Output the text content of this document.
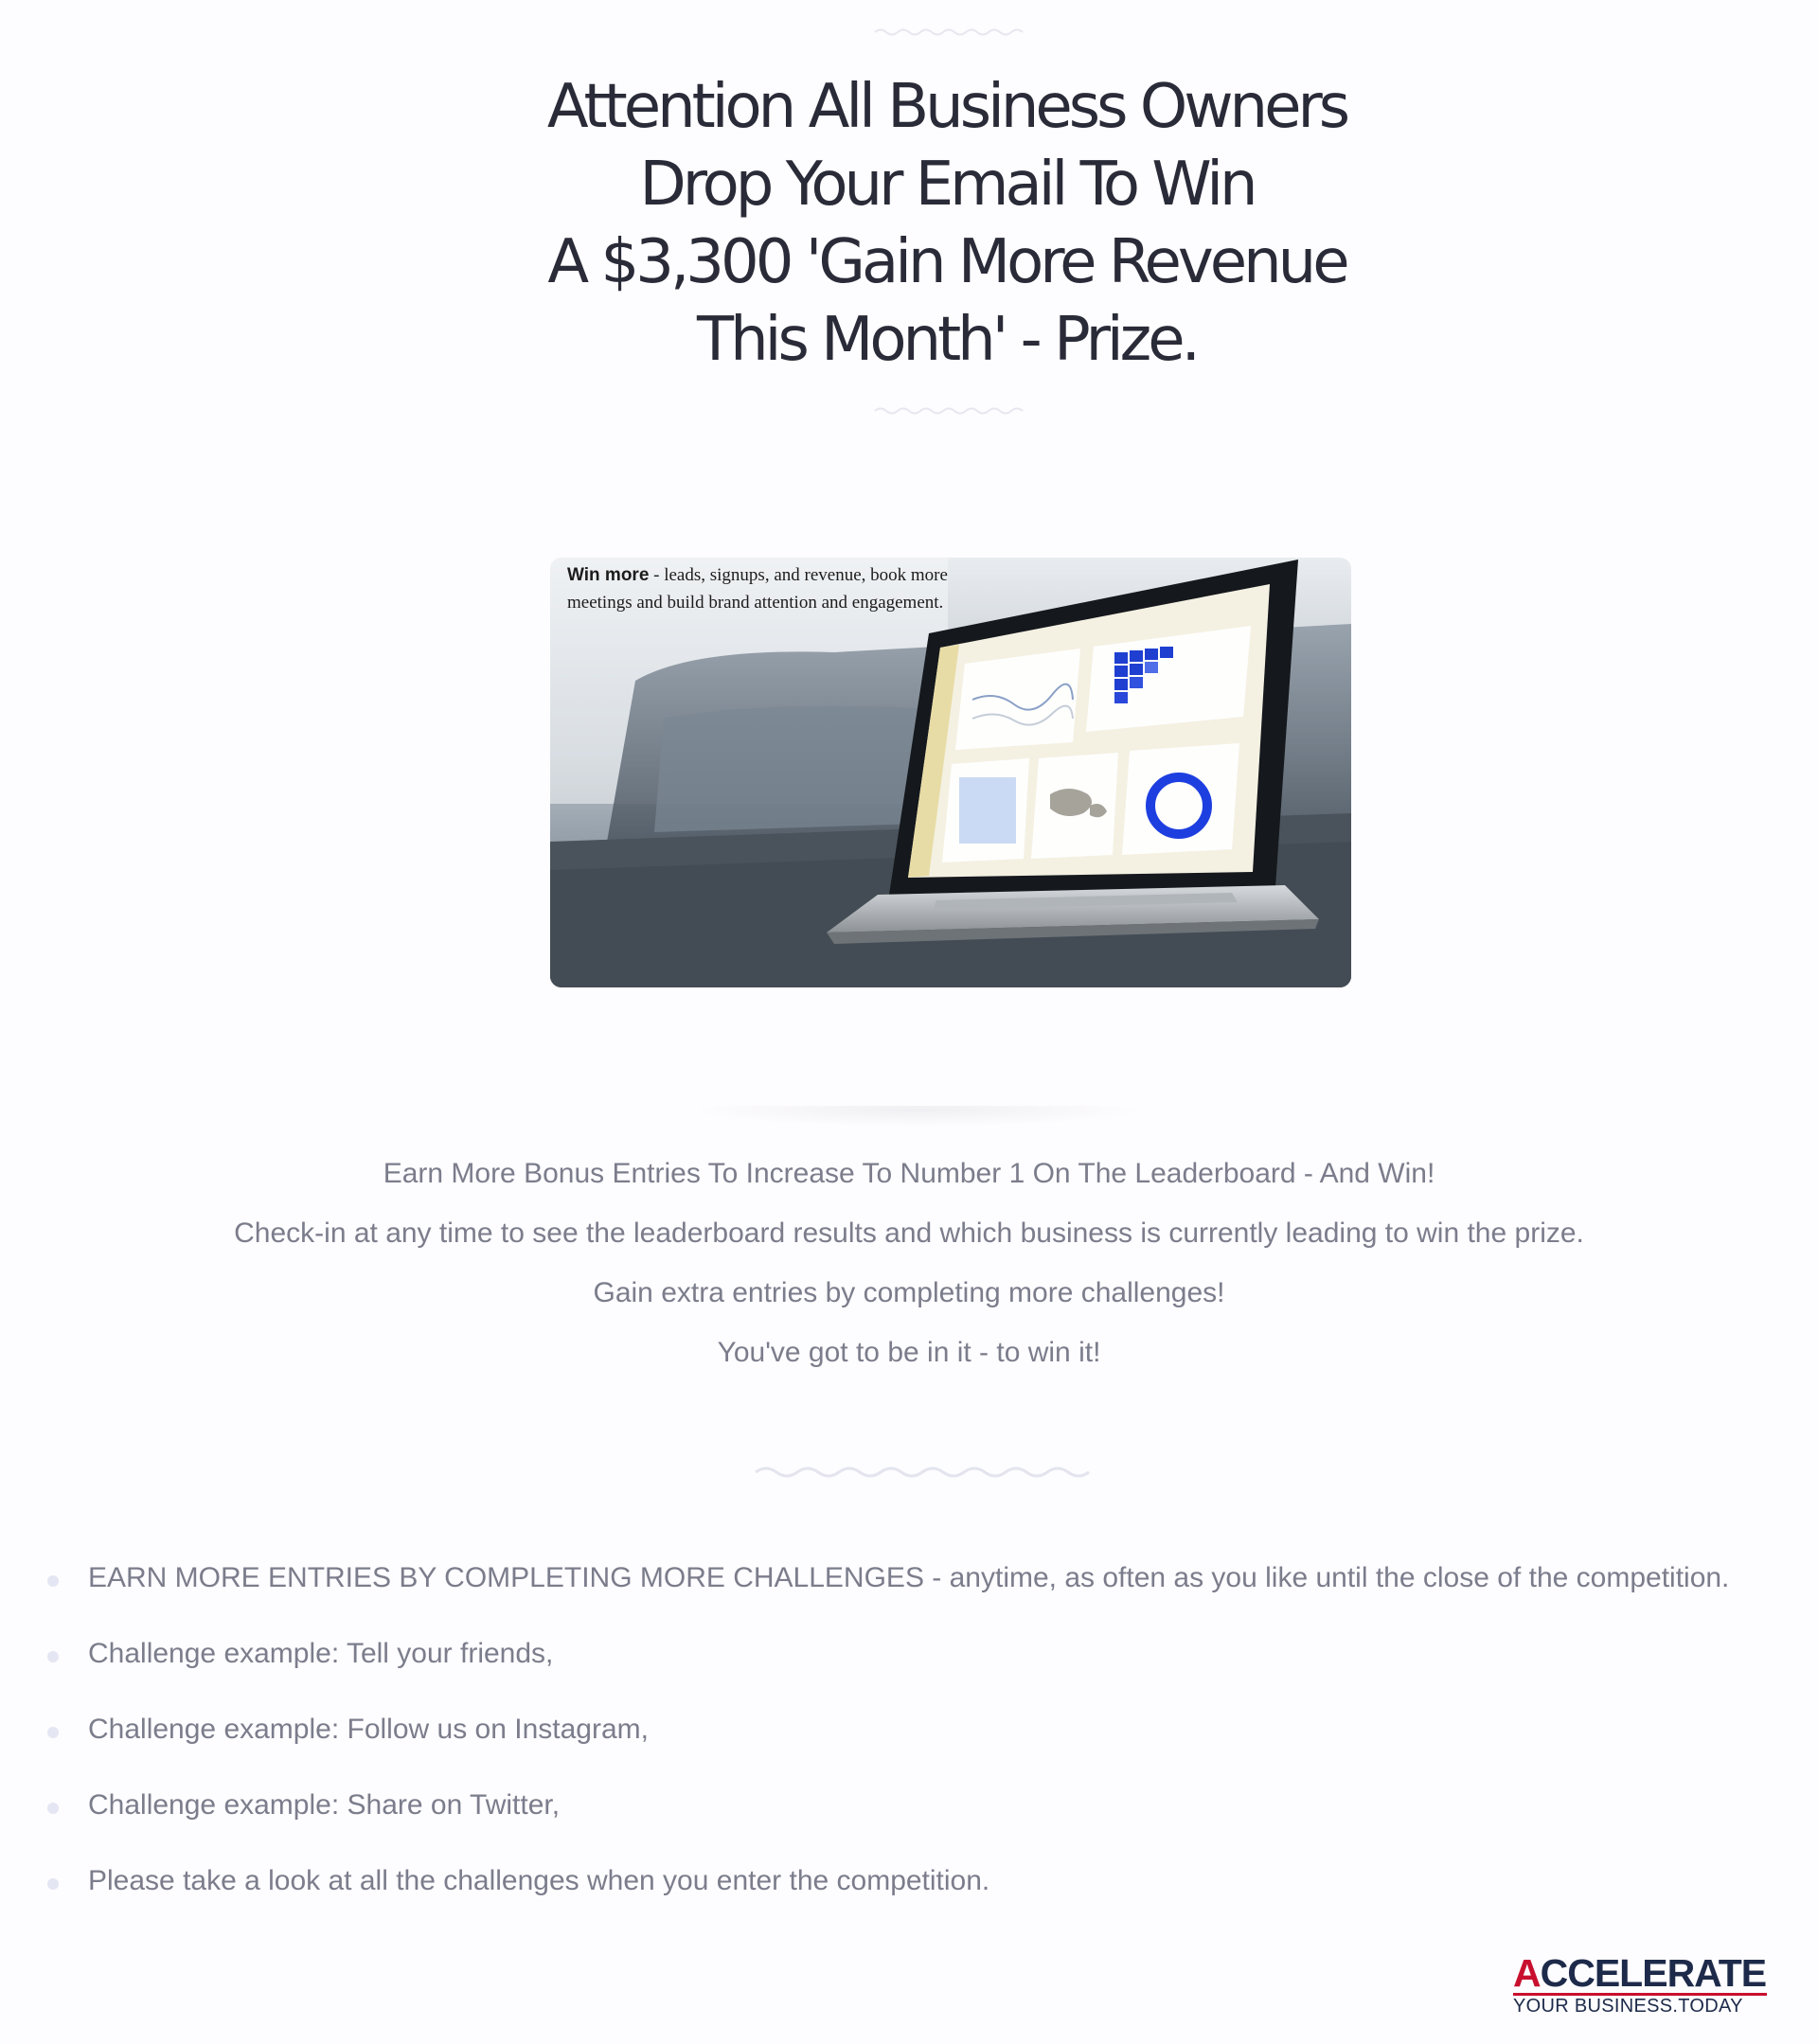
Attention All Business Owners
Drop Your Email To Win
A $3,300 'Gain More Revenue
This Month' - Prize.
Win more - leads, signups, and revenue, book more meetings and build brand attention and engagement.

Earn More Bonus Entries To Increase To Number 1 On The Leaderboard - And Win!

Check-in at any time to see the leaderboard results and which business is currently leading to win the prize.

Gain extra entries by completing more challenges!

You've got to be in it - to win it!

EARN MORE ENTRIES BY COMPLETING MORE CHALLENGES - anytime, as often as you like until the close of the competition.
Challenge example: Tell your friends,
Challenge example: Follow us on Instagram,
Challenge example: Share on Twitter,
Please take a look at all the challenges when you enter the competition.
ACCELERATE
YOUR BUSINESS.TODAY
